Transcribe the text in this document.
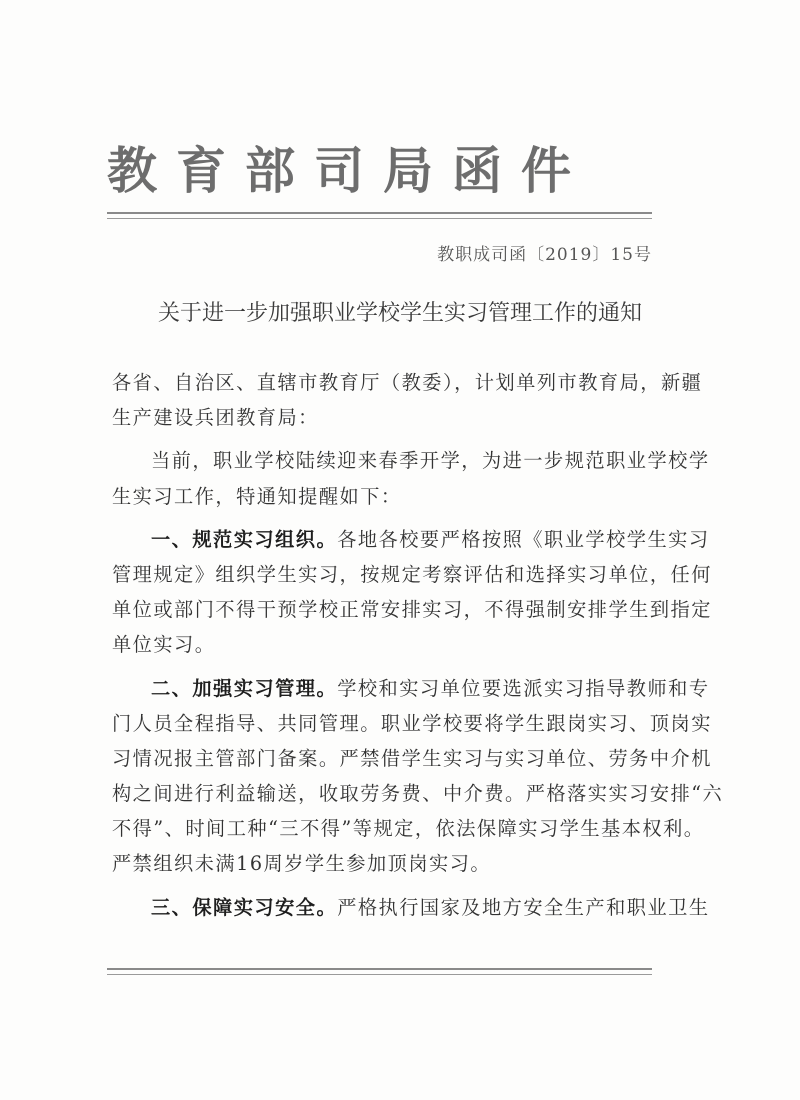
教育部司局函件
教职成司函〔2019〕15号
关于进一步加强职业学校学生实习管理工作的通知
各省、自治区、直辖市教育厅（教委），计划单列市教育局，新疆
生产建设兵团教育局：
当前，职业学校陆续迎来春季开学，为进一步规范职业学校学
生实习工作，特通知提醒如下：
一、规范实习组织。各地各校要严格按照《职业学校学生实习
管理规定》组织学生实习，按规定考察评估和选择实习单位，任何
单位或部门不得干预学校正常安排实习，不得强制安排学生到指定
单位实习。
二、加强实习管理。学校和实习单位要选派实习指导教师和专
门人员全程指导、共同管理。职业学校要将学生跟岗实习、顶岗实
习情况报主管部门备案。严禁借学生实习与实习单位、劳务中介机
构之间进行利益输送，收取劳务费、中介费。严格落实实习安排“六
不得”、时间工种“三不得”等规定，依法保障实习学生基本权利。
严禁组织未满16周岁学生参加顶岗实习。
三、保障实习安全。严格执行国家及地方安全生产和职业卫生
